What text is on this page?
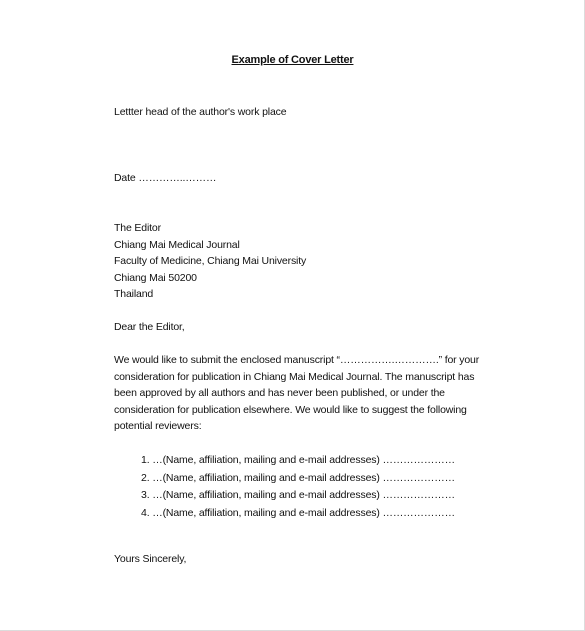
Example of Cover Letter
Lettter head of the author's work place
Date …………..………
The Editor
Chiang Mai Medical Journal
Faculty of Medicine, Chiang Mai University
Chiang Mai 50200
Thailand
Dear the Editor,
We would like to submit the enclosed manuscript “…………….………….” for your
consideration for publication in Chiang Mai Medical Journal. The manuscript has
been approved by all authors and has never been published, or under the
consideration for publication elsewhere. We would like to suggest the following
potential reviewers:
1. …(Name, affiliation, mailing and e-mail addresses) …………………
2. …(Name, affiliation, mailing and e-mail addresses) …………………
3. …(Name, affiliation, mailing and e-mail addresses) …………………
4. …(Name, affiliation, mailing and e-mail addresses) …………………
Yours Sincerely,
